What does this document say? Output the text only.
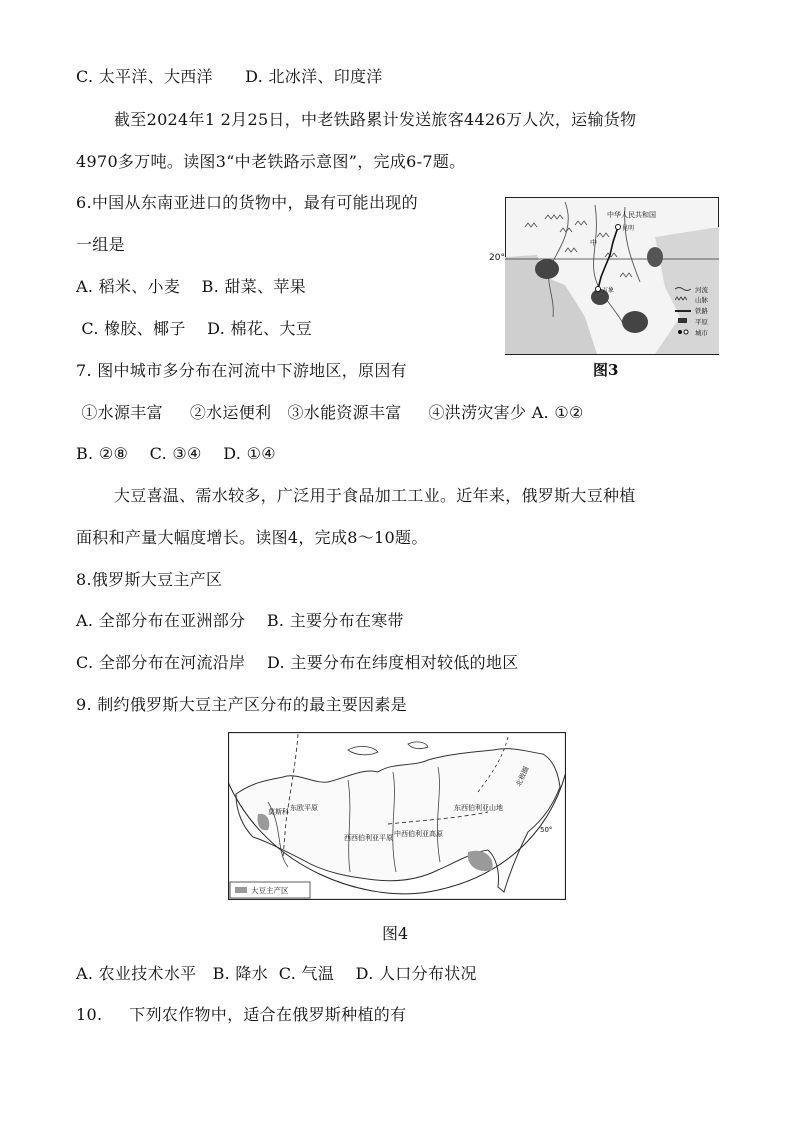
C. 太平洋、大西洋      D. 北冰洋、印度洋
截至2024年1 2月25日，中老铁路累计发送旅客4426万人次，运输货物
4970多万吨。读图3“中老铁路示意图”，完成6-7题。
6.中国从东南亚进口的货物中，最有可能出现的
一组是
A. 稻米、小麦    B. 甜菜、苹果
C. 橡胶、椰子    D. 棉花、大豆
7. 图中城市多分布在河流中下游地区，原因有
①水源丰富     ②水运便利   ③水能资源丰富     ④洪涝灾害少 A. ①②
B. ②⑧    C. ③④    D. ①④
大豆喜温、需水较多，广泛用于食品加工工业。近年来，俄罗斯大豆种植
面积和产量大幅度增长。读图4，完成8～10题。
8.俄罗斯大豆主产区
A. 全部分布在亚洲部分    B. 主要分布在寒带
C. 全部分布在河流沿岸    D. 主要分布在纬度相对较低的地区
9. 制约俄罗斯大豆主产区分布的最主要因素是
A. 农业技术水平   B. 降水  C. 气温    D. 人口分布状况
10.     下列农作物中，适合在俄罗斯种植的有
中华人民共和国
昆明
中
万象	河流
山脉
铁路
平原
城市
图3
20°
莫斯科 东欧平原
西西伯利亚平原 中西伯利亚高原
东西伯利亚山地
北极圈
50°
大豆主产区
图4
